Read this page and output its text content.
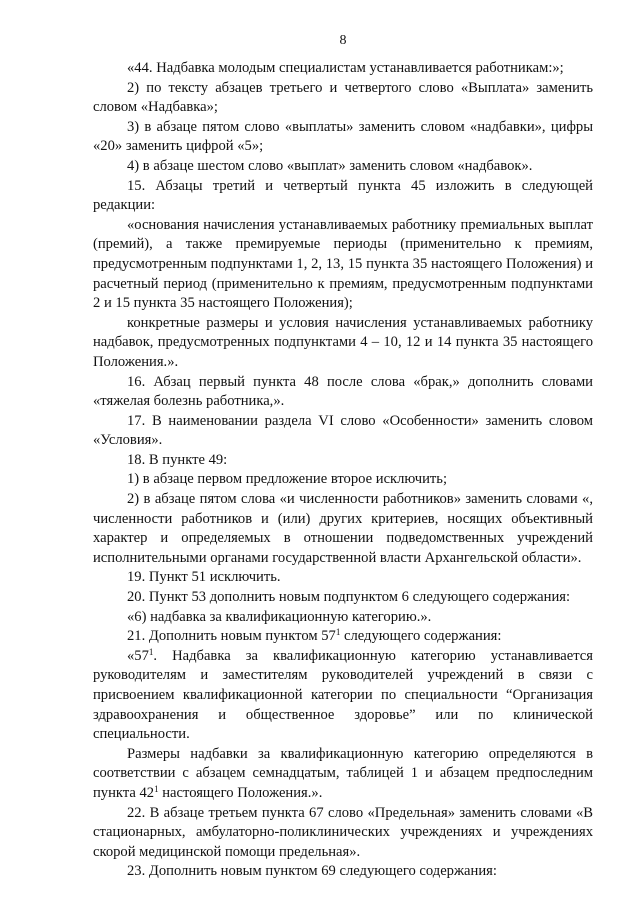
8

«44. Надбавка молодым специалистам устанавливается работникам:»;

2) по тексту абзацев третьего и четвертого слово «Выплата» заменить словом «Надбавка»;

3) в абзаце пятом слово «выплаты» заменить словом «надбавки», цифры «20» заменить цифрой «5»;

4) в абзаце шестом слово «выплат» заменить словом «надбавок».

15. Абзацы третий и четвертый пункта 45 изложить в следующей редакции:

«основания начисления устанавливаемых работнику премиальных выплат (премий), а также премируемые периоды (применительно к премиям, предусмотренным подпунктами 1, 2, 13, 15 пункта 35 настоящего Положения) и расчетный период (применительно к премиям, предусмотренным подпунктами 2 и 15 пункта 35 настоящего Положения);

конкретные размеры и условия начисления устанавливаемых работнику надбавок, предусмотренных подпунктами 4 – 10, 12 и 14 пункта 35 настоящего Положения.».

16. Абзац первый пункта 48 после слова «брак,» дополнить словами «тяжелая болезнь работника,».

17. В наименовании раздела VI слово «Особенности» заменить словом «Условия».

18. В пункте 49:

1) в абзаце первом предложение второе исключить;

2) в абзаце пятом слова «и численности работников» заменить словами «, численности работников и (или) других критериев, носящих объективный характер и определяемых в отношении подведомственных учреждений исполнительными органами государственной власти Архангельской области».

19. Пункт 51 исключить.

20. Пункт 53 дополнить новым подпунктом 6 следующего содержания:

«6) надбавка за квалификационную категорию.».

21. Дополнить новым пунктом $57^1$ следующего содержания:

«$57^1$. Надбавка за квалификационную категорию устанавливается руководителям и заместителям руководителей учреждений в связи с присвоением квалификационной категории по специальности “Организация здравоохранения и общественное здоровье” или по клинической специальности.

Размеры надбавки за квалификационную категорию определяются в соответствии с абзацем семнадцатым, таблицей 1 и абзацем предпоследним пункта $42^1$ настоящего Положения.».

22. В абзаце третьем пункта 67 слово «Предельная» заменить словами «В стационарных, амбулаторно-поликлинических учреждениях и учреждениях скорой медицинской помощи предельная».

23. Дополнить новым пунктом 69 следующего содержания:
